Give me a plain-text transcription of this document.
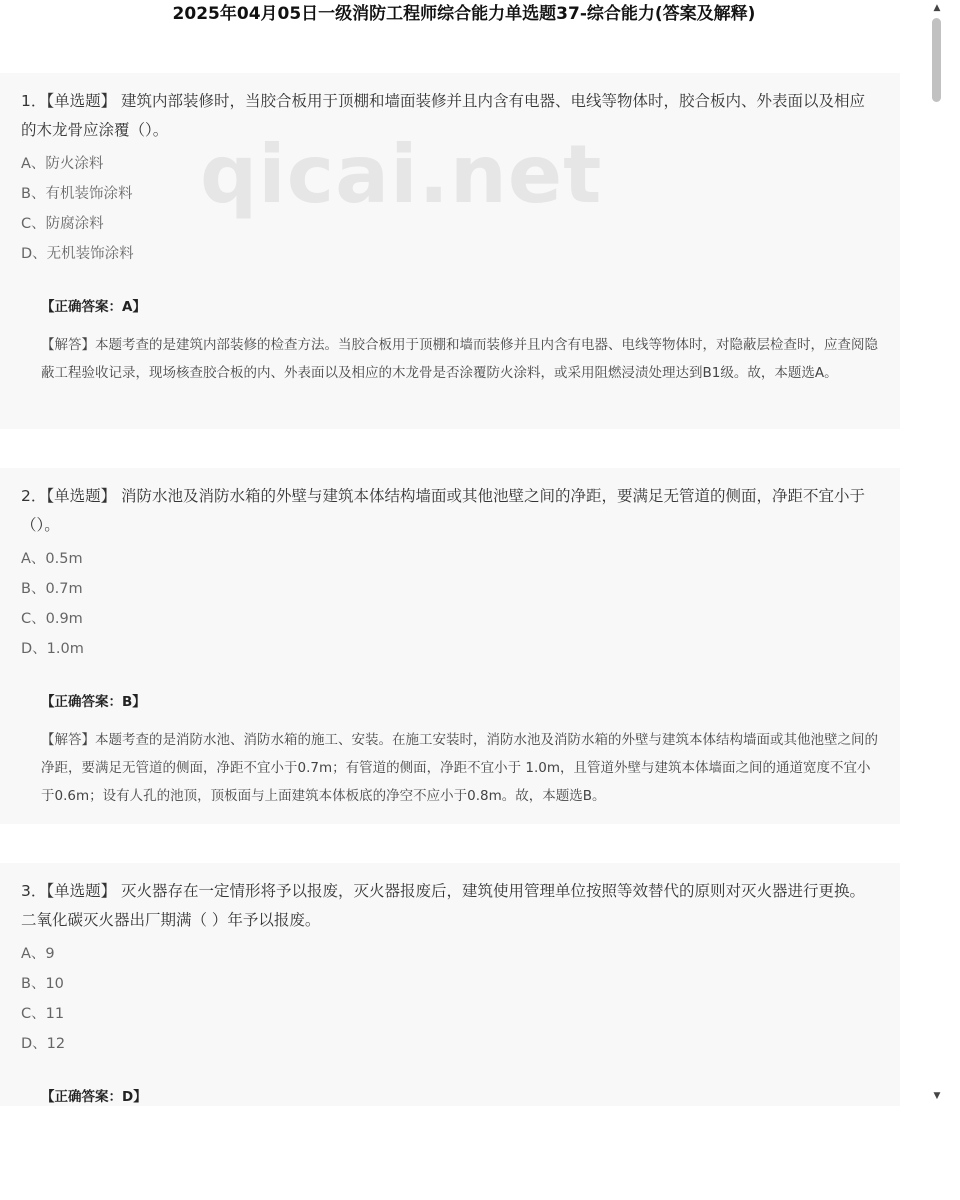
2025年04月05日一级消防工程师综合能力单选题37-综合能力(答案及解释)
qicai.net
1．【单选题】 建筑内部装修时，当胶合板用于顶棚和墙面装修并且内含有电器、电线等物体时，胶合板内、外表面以及相应的木龙骨应涂覆（）。
A、防火涂料
B、有机装饰涂料
C、防腐涂料
D、无机装饰涂料
【正确答案：A】
【解答】本题考查的是建筑内部装修的检查方法。当胶合板用于顶棚和墙而装修并且内含有电器、电线等物体时，对隐蔽层检查时，应查阅隐蔽工程验收记录，现场核查胶合板的内、外表面以及相应的木龙骨是否涂覆防火涂料，或采用阻燃浸渍处理达到B1级。故，本题选A。
2．【单选题】 消防水池及消防水箱的外壁与建筑本体结构墙面或其他池壁之间的净距，要满足无管道的侧面，净距不宜小于（）。
A、0.5m
B、0.7m
C、0.9m
D、1.0m
【正确答案：B】
【解答】本题考查的是消防水池、消防水箱的施工、安装。在施工安装时，消防水池及消防水箱的外壁与建筑本体结构墙面或其他池壁之间的净距，要满足无管道的侧面，净距不宜小于0.7m；有管道的侧面，净距不宜小于 1.0m，且管道外壁与建筑本体墙面之间的通道宽度不宜小于0.6m；设有人孔的池顶，顶板面与上面建筑本体板底的净空不应小于0.8m。故，本题选B。
3．【单选题】 灭火器存在一定情形将予以报废，灭火器报废后，建筑使用管理单位按照等效替代的原则对灭火器进行更换。二氧化碳灭火器出厂期满（ ）年予以报废。
A、9
B、10
C、11
D、12
【正确答案：D】
▲
▼
